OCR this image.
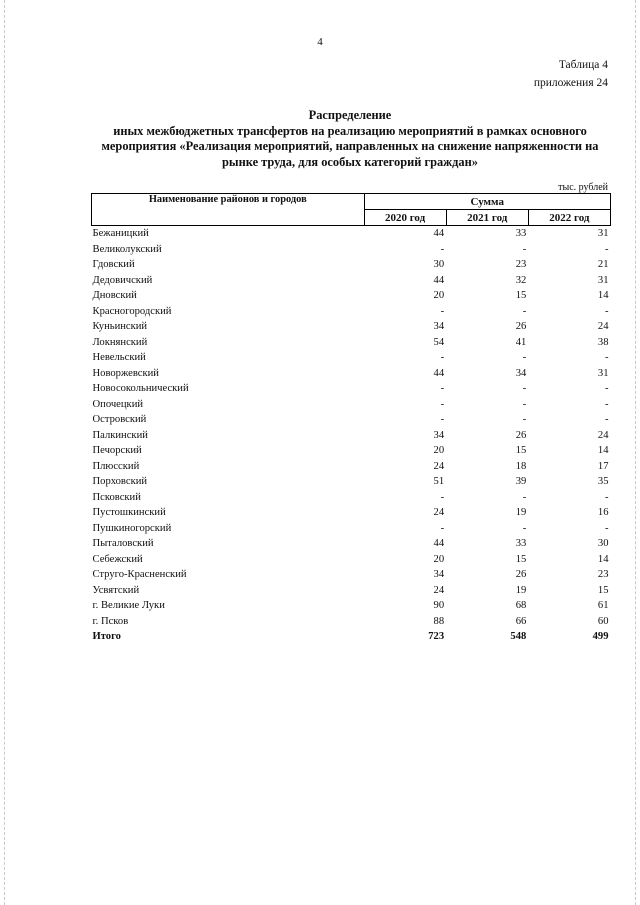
4
Таблица 4
приложения 24
Распределение
иных межбюджетных трансфертов на реализацию мероприятий в рамках основного
мероприятия «Реализация мероприятий, направленных на снижение напряженности на
рынке труда, для особых категорий граждан»
тыс. рублей
Наименование районов и городов	Сумма		
	2020 год	2021 год	2022 год
Бежаницкий	44	33	31
Великолукский	-	-	-
Гдовский	30	23	21
Дедовичский	44	32	31
Дновский	20	15	14
Красногородский	-	-	-
Куньинский	34	26	24
Локнянский	54	41	38
Невельский	-	-	-
Новоржевский	44	34	31
Новосокольнический	-	-	-
Опочецкий	-	-	-
Островский	-	-	-
Палкинский	34	26	24
Печорский	20	15	14
Плюсский	24	18	17
Порховский	51	39	35
Псковский	-	-	-
Пустошкинский	24	19	16
Пушкиногорский	-	-	-
Пыталовский	44	33	30
Себежский	20	15	14
Струго-Красненский	34	26	23
Усвятский	24	19	15
г. Великие Луки	90	68	61
г. Псков	88	66	60
Итого	723	548	499
